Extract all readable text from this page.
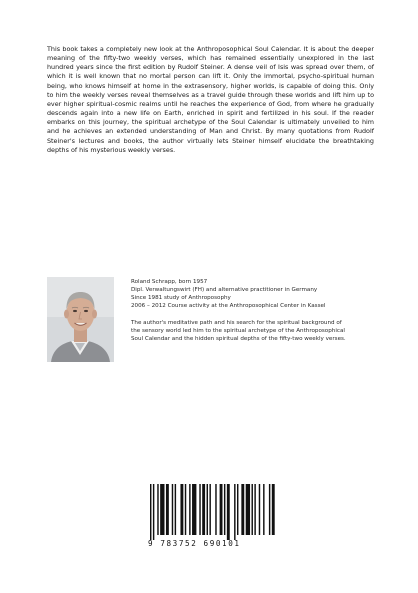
This book takes a completely new look at the Anthroposophical Soul Calendar. It is about the deeper meaning of the fifty-two weekly verses, which has remained essentially unexplored in the last hundred years since the first edition by Rudolf Steiner. A dense veil of Isis was spread over them, of which it is well known that no mortal person can lift it. Only the immortal, psycho-spiritual human being, who knows himself at home in the extrasensory, higher worlds, is capable of doing this. Only to him the weekly verses reveal themselves as a travel guide through these worlds and lift him up to ever higher spiritual-cosmic realms until he reaches the experience of God, from where he gradually descends again into a new life on Earth, enriched in spirit and fertilized in his soul. If the reader embarks on this journey, the spiritual archetype of the Soul Calendar is ultimately unveiled to him and he achieves an extended understanding of Man and Christ. By many quotations from Rudolf Steiner's lectures and books, the author virtually lets Steiner himself elucidate the breathtaking depths of his mysterious weekly verses.

Roland Schrapp, born 1957
Dipl. Verwaltungswirt (FH) and alternative practitioner in Germany
Since 1981 study of Anthroposophy
2006 – 2012 Course activity at the Anthroposophical Center in Kassel

The author's meditative path and his search for the spiritual background of the sensory world led him to the spiritual archetype of the Anthroposophical Soul Calendar and the hidden spiritual depths of the fifty-two weekly verses.

9 783752 690101
